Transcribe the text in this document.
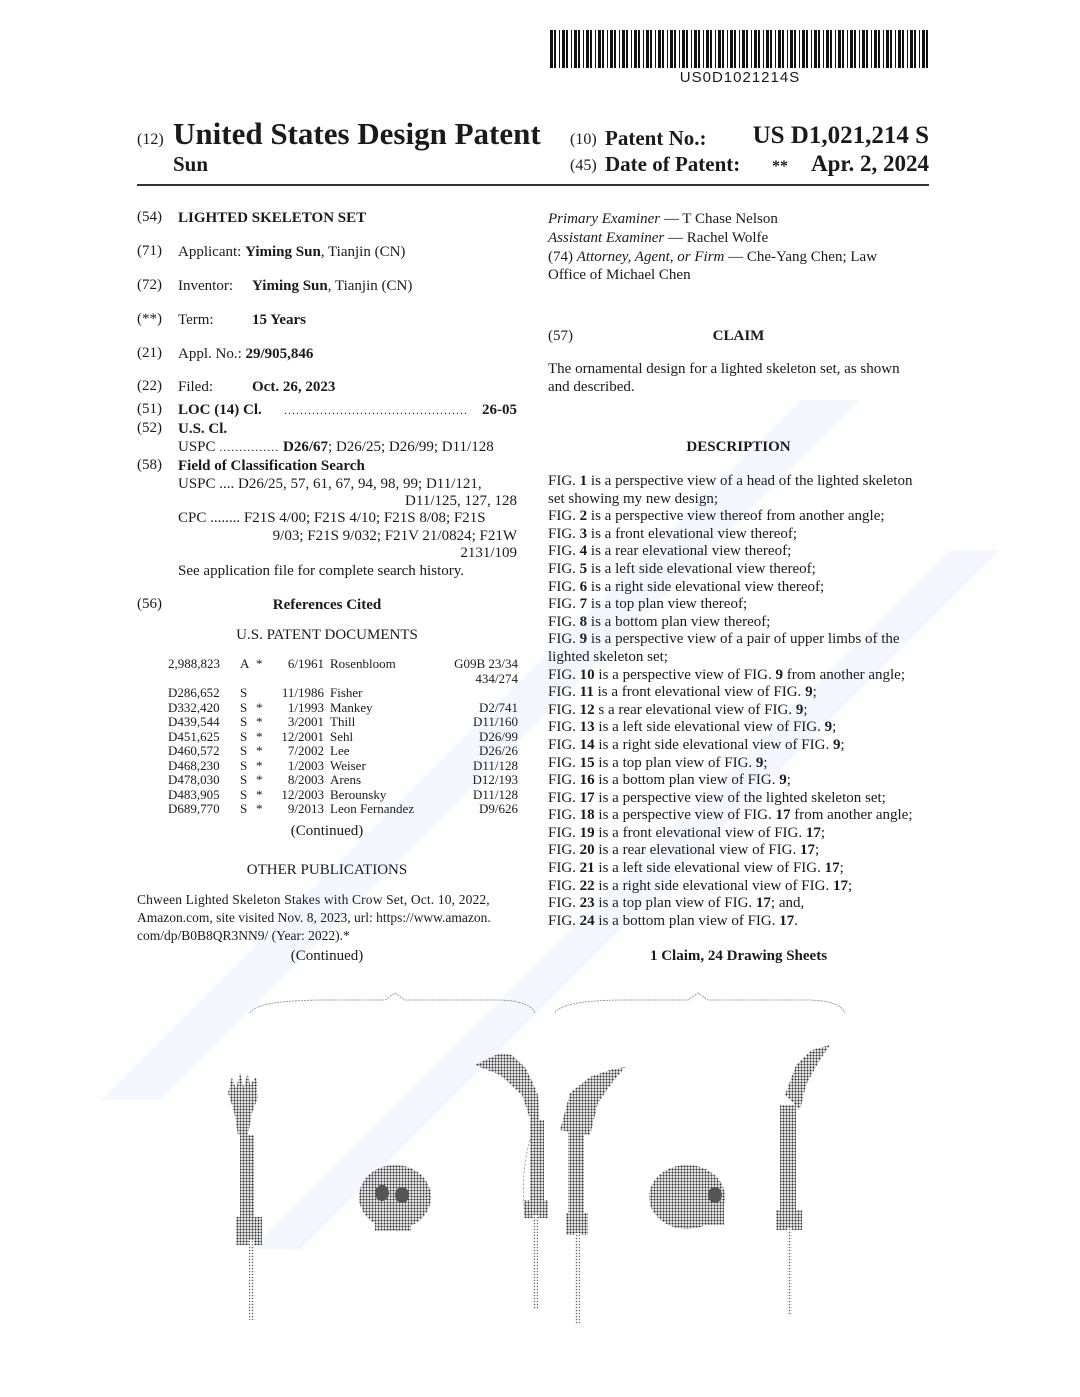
US0D1021214S
(12) United States Design Patent
Sun
(10) Patent No.: US D1,021,214 S
(45) Date of Patent: ** Apr. 2, 2024
(54) LIGHTED SKELETON SET
(71) Applicant: Yiming Sun, Tianjin (CN)
(72) Inventor: Yiming Sun, Tianjin (CN)
(**) Term:	15 Years
(21) Appl. No.: 29/905,846
(22) Filed:	Oct. 26, 2023
(51) LOC (14) Cl. .............................................. 26-05
(52) U.S. Cl.
USPC ............... D26/67; D26/25; D26/99; D11/128
(58) Field of Classification Search
USPC .... D26/25, 57, 61, 67, 94, 98, 99; D11/121,
D11/125, 127, 128
CPC ........ F21S 4/00; F21S 4/10; F21S 8/08; F21S
9/03; F21S 9/032; F21V 21/0824; F21W
2131/109
See application file for complete search history.
(56)	References Cited
U.S. PATENT DOCUMENTS
2,988,823	A	*	6/1961	Rosenbloom		G09B 23/34
						434/274
D286,652	S		11/1986	Fisher		
D332,420	S	*	1/1993	Mankey		D2/741
D439,544	S	*	3/2001	Thill		D11/160
D451,625	S	*	12/2001	Sehl		D26/99
D460,572	S	*	7/2002	Lee		D26/26
D468,230	S	*	1/2003	Weiser		D11/128
D478,030	S	*	8/2003	Arens		D12/193
D483,905	S	*	12/2003	Berounsky		D11/128
D689,770	S	*	9/2013	Leon Fernandez		D9/626
(Continued)
OTHER PUBLICATIONS
Chween Lighted Skeleton Stakes with Crow Set, Oct. 10, 2022,
Amazon.com, site visited Nov. 8, 2023, url: https://www.amazon.
com/dp/B0B8QR3NN9/ (Year: 2022).*
(Continued)
Primary Examiner — T Chase Nelson
Assistant Examiner — Rachel Wolfe
(74) Attorney, Agent, or Firm — Che-Yang Chen; Law
Office of Michael Chen
(57)	CLAIM
The ornamental design for a lighted skeleton set, as shown
and described.
DESCRIPTION

FIG. 1 is a perspective view of a head of the lighted skeleton

set showing my new design;

FIG. 2 is a perspective view thereof from another angle;

FIG. 3 is a front elevational view thereof;

FIG. 4 is a rear elevational view thereof;

FIG. 5 is a left side elevational view thereof;

FIG. 6 is a right side elevational view thereof;

FIG. 7 is a top plan view thereof;

FIG. 8 is a bottom plan view thereof;

FIG. 9 is a perspective view of a pair of upper limbs of the

lighted skeleton set;

FIG. 10 is a perspective view of FIG. 9 from another angle;

FIG. 11 is a front elevational view of FIG. 9;

FIG. 12 s a rear elevational view of FIG. 9;

FIG. 13 is a left side elevational view of FIG. 9;

FIG. 14 is a right side elevational view of FIG. 9;

FIG. 15 is a top plan view of FIG. 9;

FIG. 16 is a bottom plan view of FIG. 9;

FIG. 17 is a perspective view of the lighted skeleton set;

FIG. 18 is a perspective view of FIG. 17 from another angle;

FIG. 19 is a front elevational view of FIG. 17;

FIG. 20 is a rear elevational view of FIG. 17;

FIG. 21 is a left side elevational view of FIG. 17;

FIG. 22 is a right side elevational view of FIG. 17;

FIG. 23 is a top plan view of FIG. 17; and,

FIG. 24 is a bottom plan view of FIG. 17.

1 Claim, 24 Drawing Sheets
